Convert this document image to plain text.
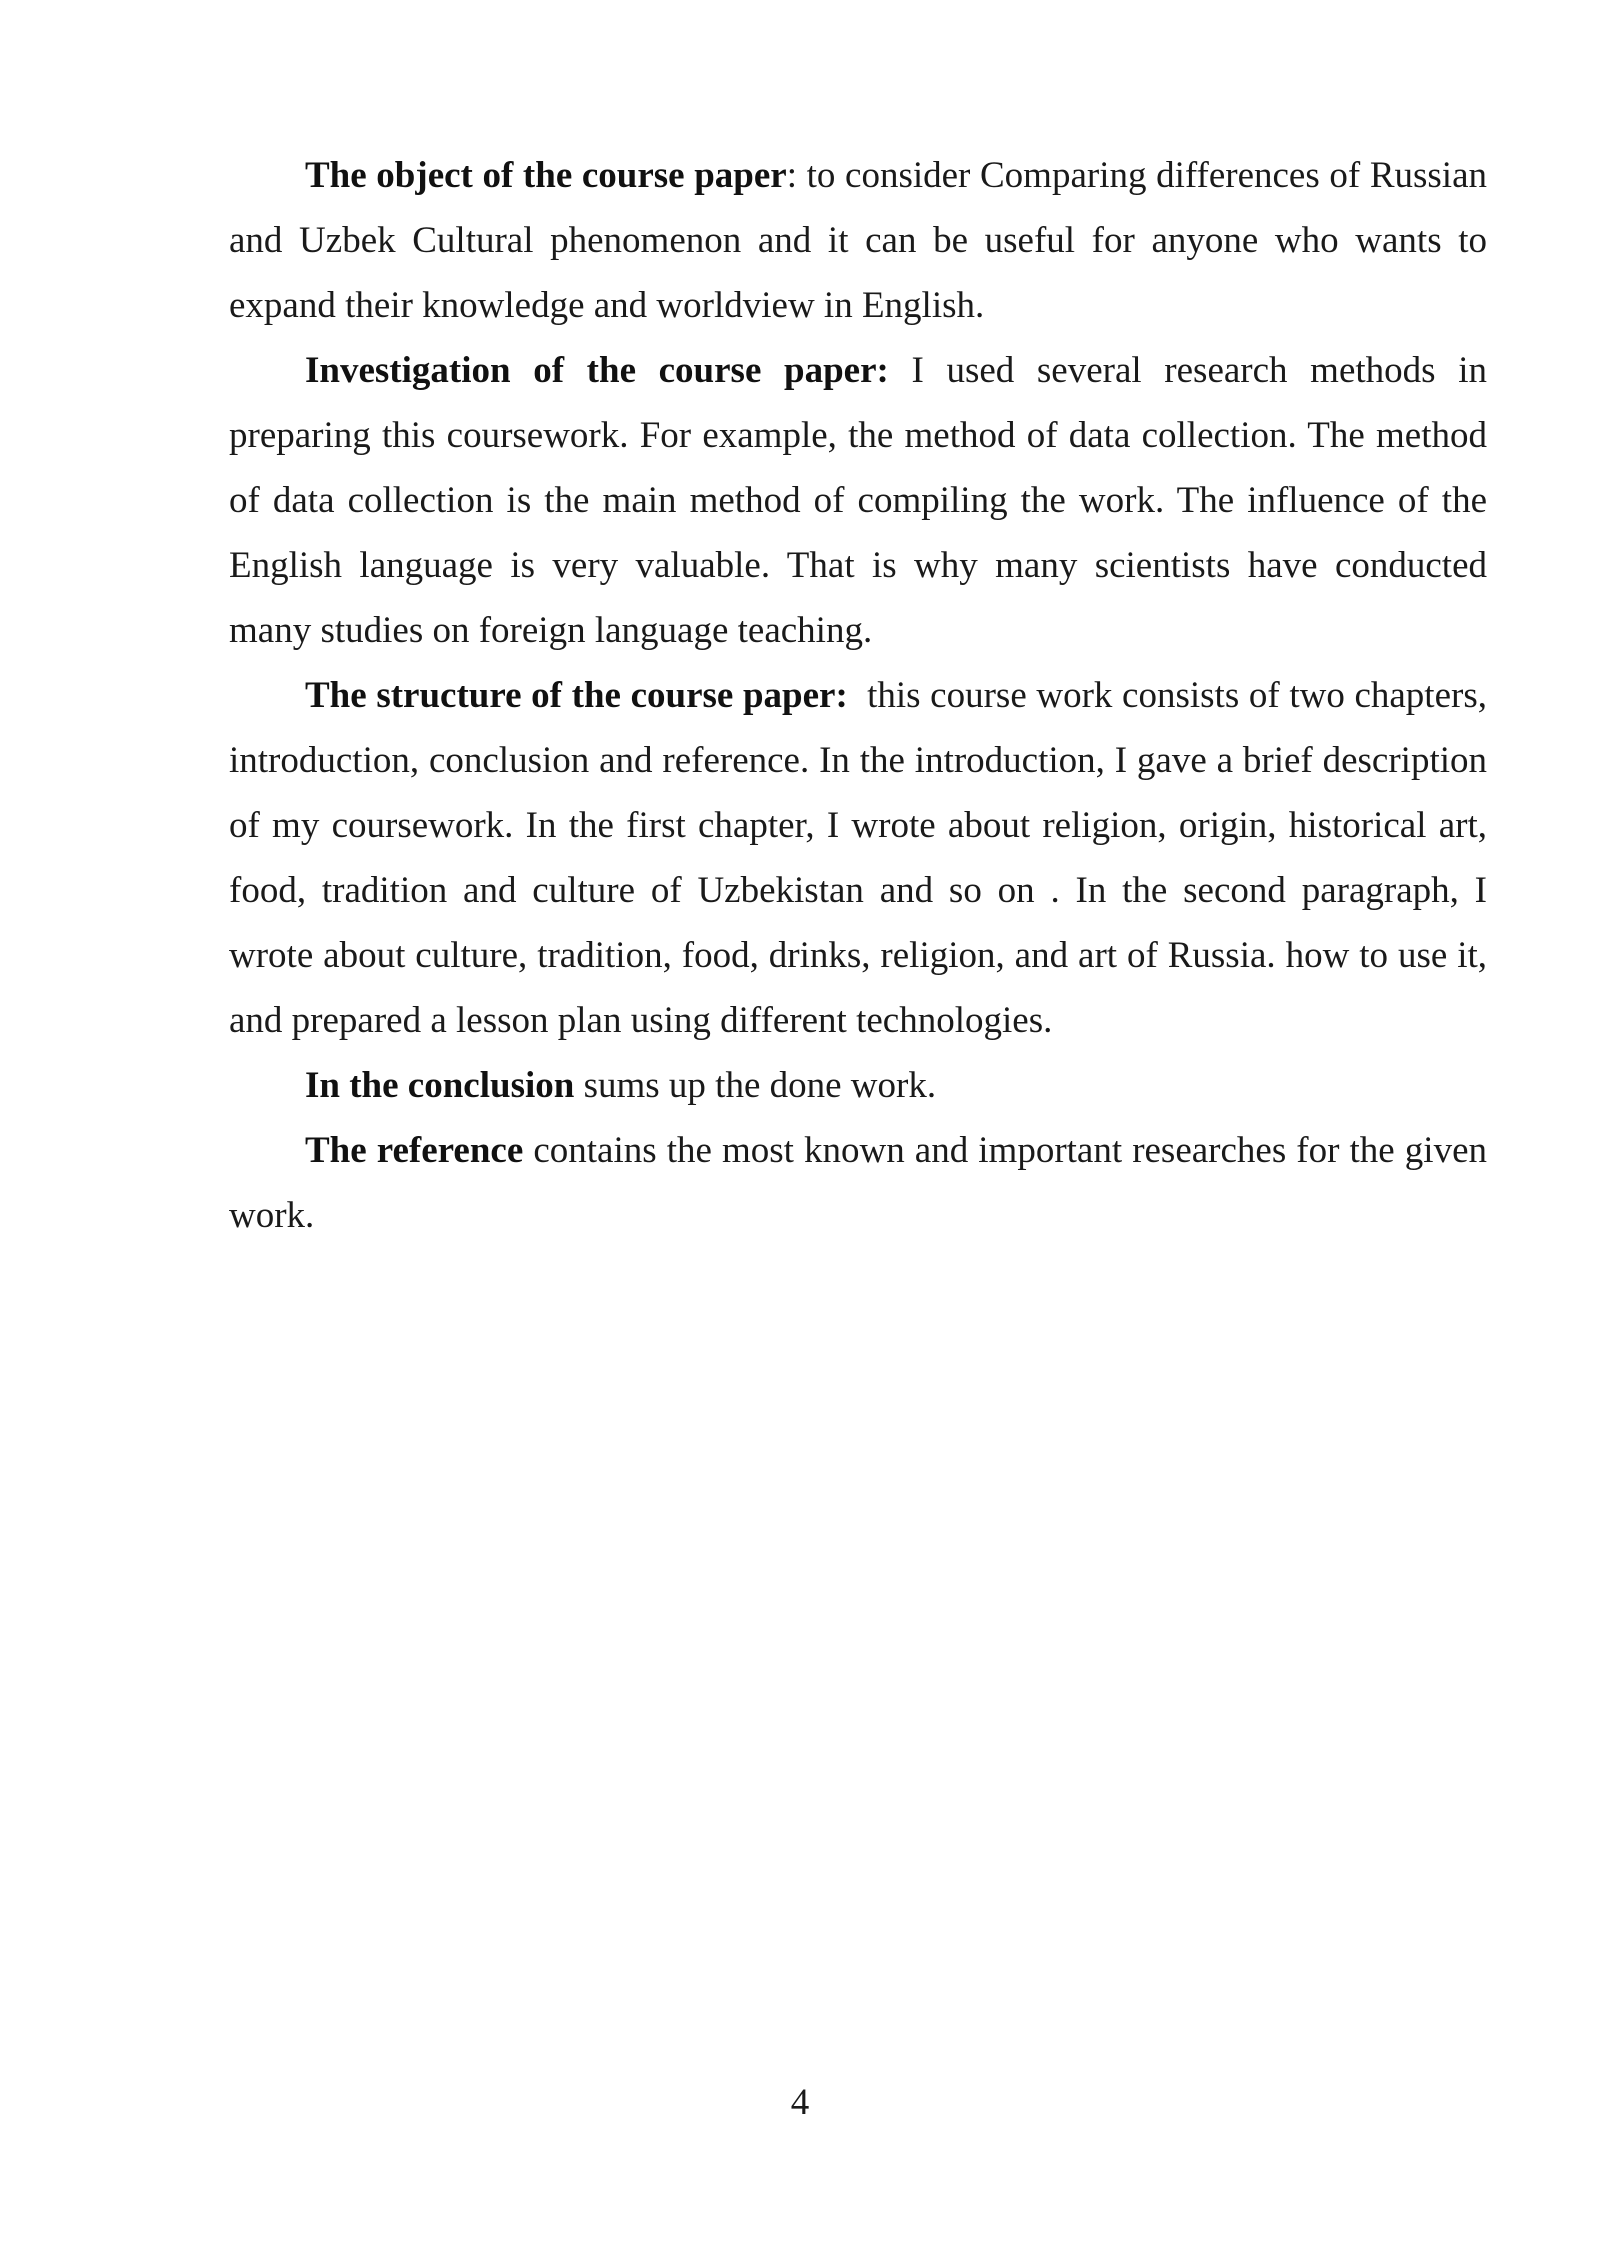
The object of the course paper: to consider Comparing differences of Russian and Uzbek Cultural phenomenon and it can be useful for anyone who wants to expand their knowledge and worldview in English.

Investigation of the course paper: I used several research methods in preparing this coursework. For example, the method of data collection. The method of data collection is the main method of compiling the work. The influence of the English language is very valuable. That is why many scientists have conducted many studies on foreign language teaching.

The structure of the course paper:  this course work consists of two chapters, introduction, conclusion and reference. In the introduction, I gave a brief description of my coursework. In the first chapter, I wrote about religion, origin, historical art, food, tradition and culture of Uzbekistan and so on . In the second paragraph, I wrote about culture, tradition, food, drinks, religion, and art of Russia. how to use it, and prepared a lesson plan using different technologies.

In the conclusion sums up the done work.

The reference contains the most known and important researches for the given work.

4
